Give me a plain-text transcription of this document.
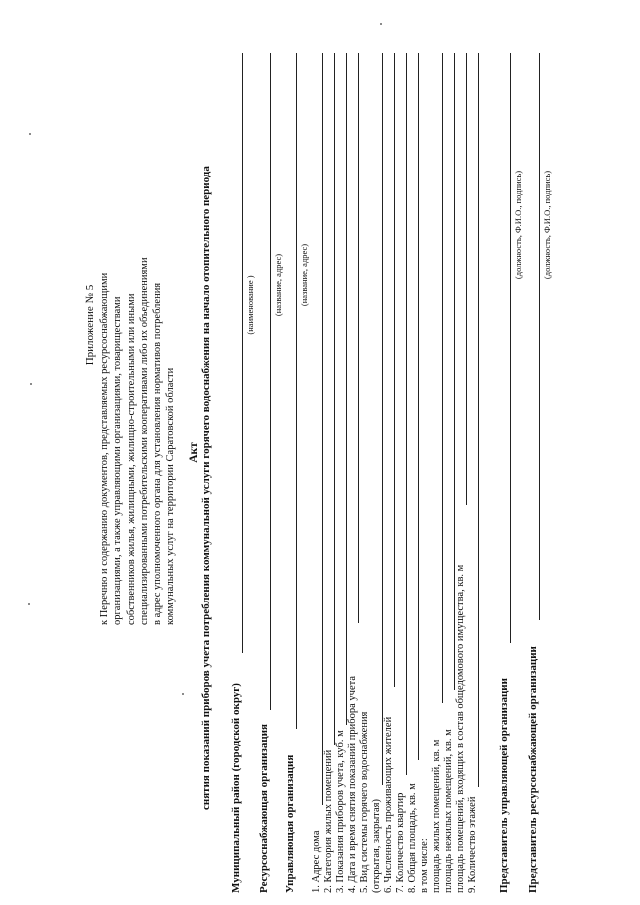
Приложение № 5 к Перечню и содержанию документов, представляемых ресурсоснабжающими организациями, а также управляющими организациями, товариществами собственников жилья, жилищными, жилищно-строительными или иными специализированными потребительскими кооперативами либо их объединениями в адрес уполномоченного органа для установления нормативов потребления коммунальных услуг на территории Саратовской области Акт снятия показаний приборов учета потребления коммунальной услуги горячего водоснабжения на начало отопительного периода Муниципальный район (городской округ)
(наименование )
Ресурсоснабжающая организация
(название, адрес)
Управляющая организация
(название, адрес)
1. Адрес дома 2. Категория жилых помещений 3. Показания приборов учета, куб. м 4. Дата и время снятия показаний прибора учета 5. Вид системы горячего водоснабжения (открытая, закрытая) 6. Численность проживающих жителей 7. Количество квартир 8. Общая площадь, кв. м в том числе: площадь жилых помещений, кв. м площадь нежилых помещений, кв. м площадь помещений, входящих в состав общедомового имущества, кв. м 9. Количество этажей Представитель управляющей организации
(должность, Ф.И.О., подпись)
Представитель ресурсоснабжающей организации
(должность, Ф.И.О., подпись)
